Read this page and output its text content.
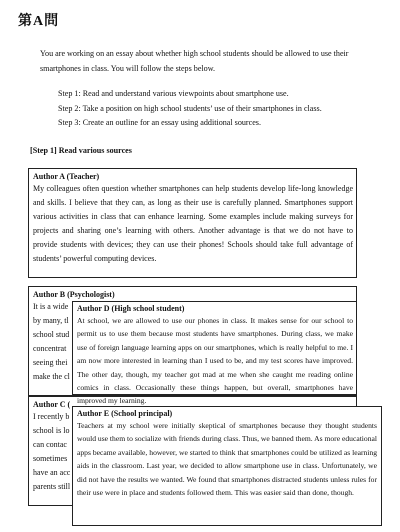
第A問
You are working on an essay about whether high school students should be allowed to use their smartphones in class. You will follow the steps below.
Step 1: Read and understand various viewpoints about smartphone use.
Step 2: Take a position on high school students’ use of their smartphones in class.
Step 3: Create an outline for an essay using additional sources.
[Step 1] Read various sources
Author A (Teacher)
My colleagues often question whether smartphones can help students develop life-long knowledge and skills. I believe that they can, as long as their use is carefully planned. Smartphones support various activities in class that can enhance learning. Some examples include making surveys for projects and sharing one’s learning with others. Another advantage is that we do not have to provide students with devices; they can use their phones! Schools should take full advantage of students’ powerful computing devices.
Author B (Psychologist)
It is a wide
by many, tl
school stud
concentrat
seeing thei
make the cl
Author C (
I recently b
school is lo
can contac
sometimes
have an acc
parents still
Author D (High school student)
At school, we are allowed to use our phones in class. It makes sense for our school to permit us to use them because most students have smartphones. During class, we make use of foreign language learning apps on our smartphones, which is really helpful to me. I am now more interested in learning than I used to be, and my test scores have improved. The other day, though, my teacher got mad at me when she caught me reading online comics in class. Occasionally these things happen, but overall, smartphones have improved my learning.
Author E (School principal)
Teachers at my school were initially skeptical of smartphones because they thought students would use them to socialize with friends during class. Thus, we banned them. As more educational apps became available, however, we started to think that smartphones could be utilized as learning aids in the classroom. Last year, we decided to allow smartphone use in class. Unfortunately, we did not have the results we wanted. We found that smartphones distracted students unless rules for their use were in place and students followed them. This was easier said than done, though.
